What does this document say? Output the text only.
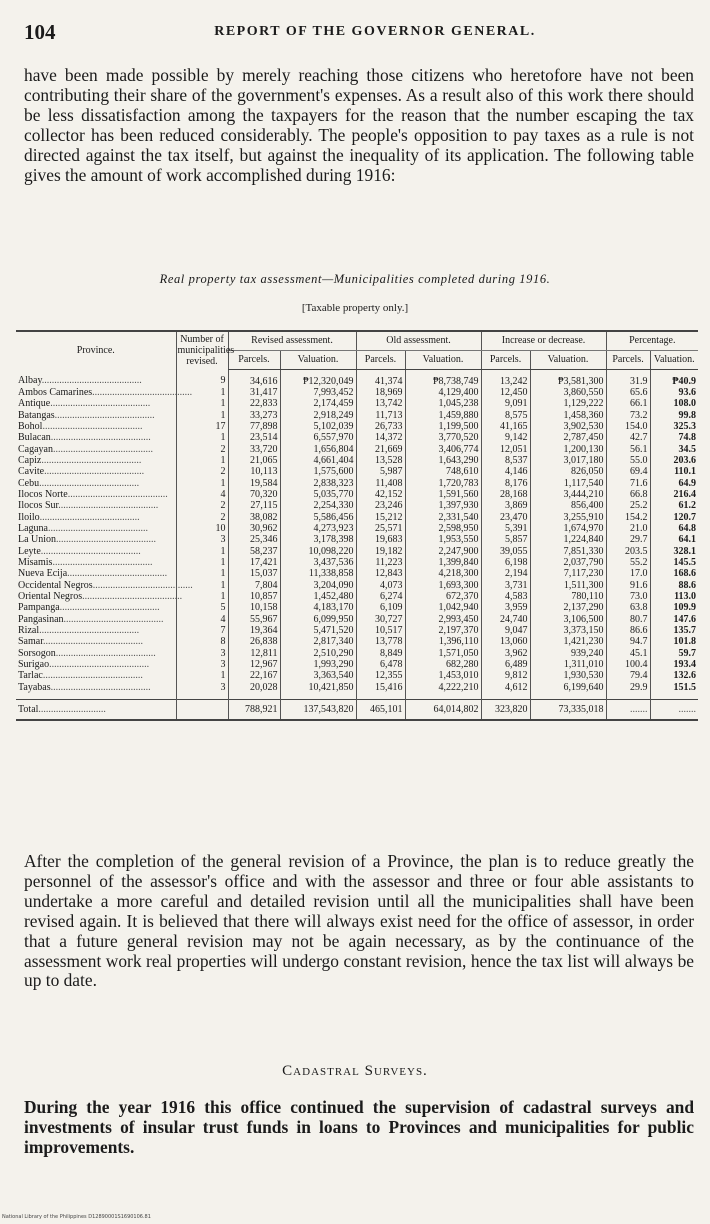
104	REPORT OF THE GOVERNOR GENERAL.

have been made possible by merely reaching those citizens who heretofore have not been contributing their share of the government's expenses. As a result also of this work there should be less dissatisfaction among the taxpayers for the reason that the number escaping the tax collector has been reduced considerably. The people's opposition to pay taxes as a rule is not directed against the tax itself, but against the inequality of its application. The following table gives the amount of work accomplished during 1916:

Real property tax assessment—Municipalities completed during 1916.
[Taxable property only.]
Province.	Number of municipalities revised.	Revised assessment.		Old assessment.		Increase or decrease.		Percentage.	
		Parcels.	Valuation.	Parcels.	Valuation.	Parcels.	Valuation.	Parcels.	Valuation.
Albay........................................	9	34,616	₱12,320,049	41,374	₱8,738,749	13,242	₱3,581,300	31.9	₱40.9
Ambos Camarines........................................	1	31,417	7,993,452	18,969	4,129,400	12,450	3,860,550	65.6	93.6
Antique........................................	1	22,833	2,174,459	13,742	1,045,238	9,091	1,129,222	66.1	108.0
Batangas........................................	1	33,273	2,918,249	11,713	1,459,880	8,575	1,458,360	73.2	99.8
Bohol........................................	17	77,898	5,102,039	26,733	1,199,500	41,165	3,902,530	154.0	325.3
Bulacan........................................	1	23,514	6,557,970	14,372	3,770,520	9,142	2,787,450	42.7	74.8
Cagayan........................................	2	33,720	1,656,804	21,669	3,406,774	12,051	1,200,130	56.1	34.5
Capiz........................................	1	21,065	4,661,404	13,528	1,643,290	8,537	3,017,180	55.0	203.6
Cavite........................................	2	10,113	1,575,600	5,987	748,610	4,146	826,050	69.4	110.1
Cebu........................................	1	19,584	2,838,323	11,408	1,720,783	8,176	1,117,540	71.6	64.9
Ilocos Norte........................................	4	70,320	5,035,770	42,152	1,591,560	28,168	3,444,210	66.8	216.4
Ilocos Sur........................................	2	27,115	2,254,330	23,246	1,397,930	3,869	856,400	25.2	61.2
Iloilo........................................	2	38,082	5,586,456	15,212	2,331,540	23,470	3,255,910	154.2	120.7
Laguna........................................	10	30,962	4,273,923	25,571	2,598,950	5,391	1,674,970	21.0	64.8
La Union........................................	3	25,346	3,178,398	19,683	1,953,550	5,857	1,224,840	29.7	64.1
Leyte........................................	1	58,237	10,098,220	19,182	2,247,900	39,055	7,851,330	203.5	328.1
Misamis........................................	1	17,421	3,437,536	11,223	1,399,840	6,198	2,037,790	55.2	145.5
Nueva Ecija........................................	1	15,037	11,338,858	12,843	4,218,300	2,194	7,117,230	17.0	168.6
Occidental Negros........................................	1	7,804	3,204,090	4,073	1,693,300	3,731	1,511,300	91.6	88.6
Oriental Negros........................................	1	10,857	1,452,480	6,274	672,370	4,583	780,110	73.0	113.0
Pampanga........................................	5	10,158	4,183,170	6,109	1,042,940	3,959	2,137,290	63.8	109.9
Pangasinan........................................	4	55,967	6,099,950	30,727	2,993,450	24,740	3,106,500	80.7	147.6
Rizal........................................	7	19,364	5,471,520	10,517	2,197,370	9,047	3,373,150	86.6	135.7
Samar........................................	8	26,838	2,817,340	13,778	1,396,110	13,060	1,421,230	94.7	101.8
Sorsogon........................................	3	12,811	2,510,290	8,849	1,571,050	3,962	939,240	45.1	59.7
Surigao........................................	3	12,967	1,993,290	6,478	682,280	6,489	1,311,010	100.4	193.4
Tarlac........................................	1	22,167	3,363,540	12,355	1,453,010	9,812	1,930,530	79.4	132.6
Tayabas........................................	3	20,028	10,421,850	15,416	4,222,210	4,612	6,199,640	29.9	151.5
Total...........................		788,921	137,543,820	465,101	64,014,802	323,820	73,335,018	.......	.......

After the completion of the general revision of a Province, the plan is to reduce greatly the personnel of the assessor's office and with the assessor and three or four able assistants to undertake a more careful and detailed revision until all the municipalities shall have been revised again. It is believed that there will always exist need for the office of assessor, in order that a future general revision may not be again necessary, as by the continuance of the assessment work real properties will undergo constant revision, hence the tax list will always be up to date.

Cadastral Surveys.

During the year 1916 this office continued the supervision of cadastral surveys and investments of insular trust funds in loans to Provinces and municipalities for public improvements.

National Library of the Philippines D12890001S1690106.81
